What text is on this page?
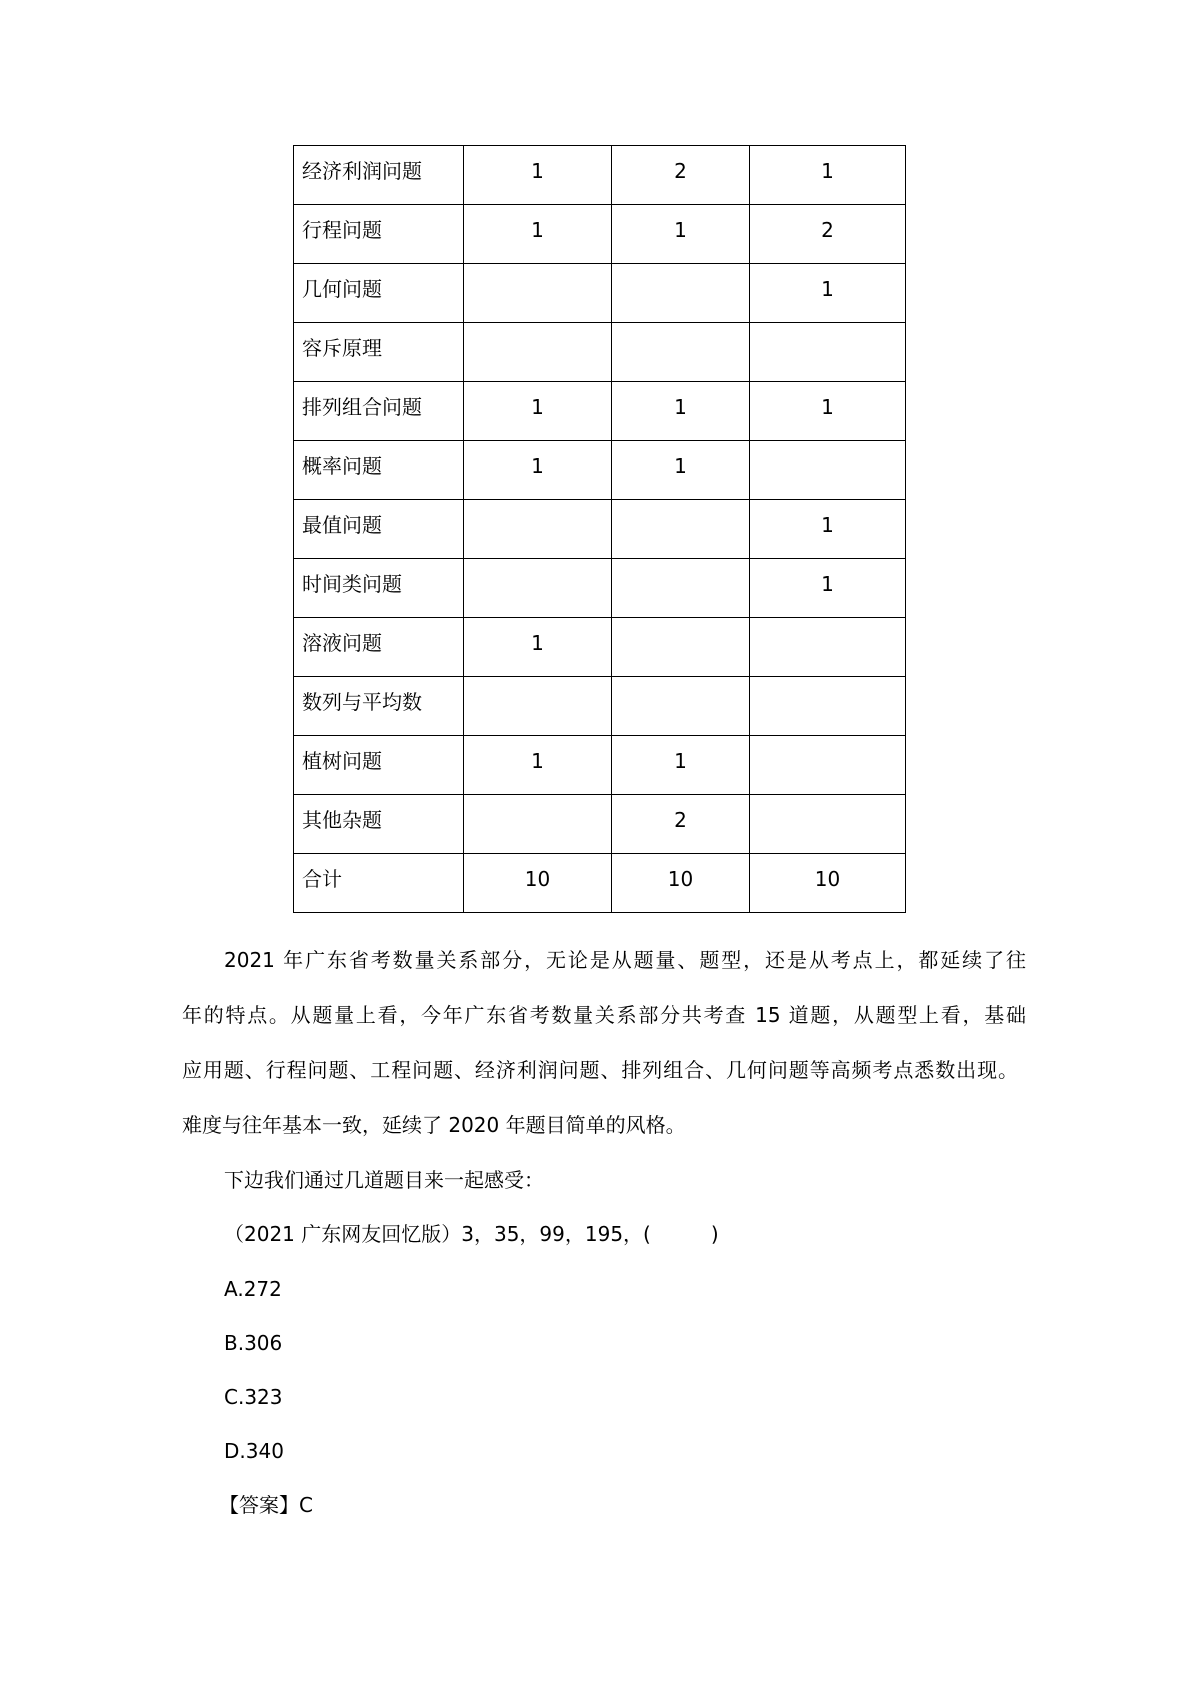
经济利润问题	1	2	1
行程问题	1	1	2
几何问题			1
容斥原理			
排列组合问题	1	1	1
概率问题	1	1	
最值问题			1
时间类问题			1
溶液问题	1		
数列与平均数			
植树问题	1	1	
其他杂题		2	
合计	10	10	10
2021 年广东省考数量关系部分，无论是从题量、题型，还是从考点上，都延续了往
年的特点。从题量上看，今年广东省考数量关系部分共考查 15 道题，从题型上看，基础
应用题、行程问题、工程问题、经济利润问题、排列组合、几何问题等高频考点悉数出现。
难度与往年基本一致，延续了 2020 年题目简单的风格。
下边我们通过几道题目来一起感受：
（2021 广东网友回忆版）3，35，99，195，(　　　)
A.272
B.306
C.323
D.340
【答案】C
